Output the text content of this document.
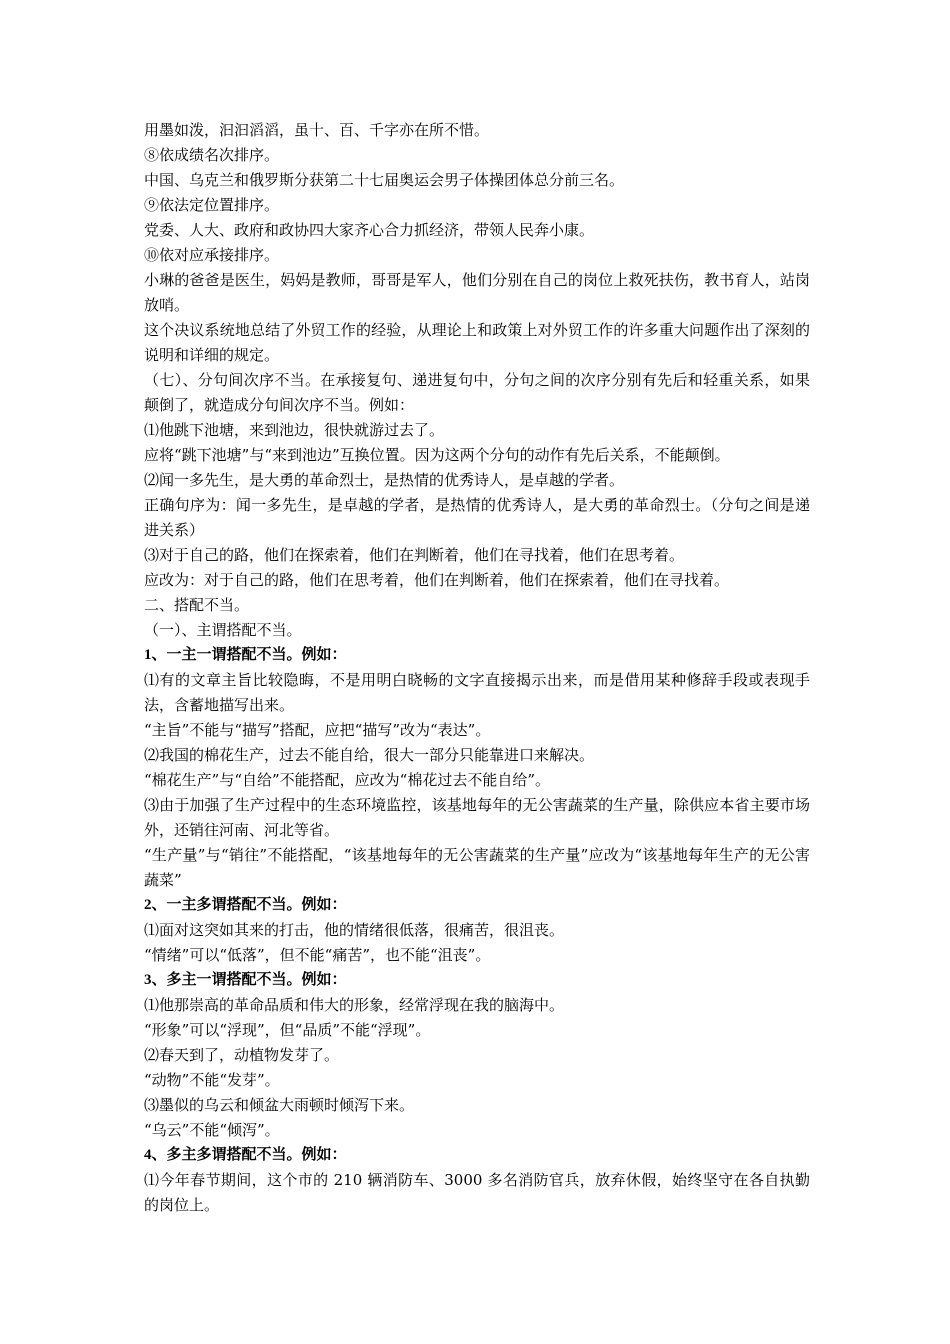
用墨如泼，汩汩滔滔，虽十、百、千字亦在所不惜。

⑧依成绩名次排序。

中国、乌克兰和俄罗斯分获第二十七届奥运会男子体操团体总分前三名。

⑨依法定位置排序。

党委、人大、政府和政协四大家齐心合力抓经济，带领人民奔小康。

⑩依对应承接排序。

小琳的爸爸是医生，妈妈是教师，哥哥是军人，他们分别在自己的岗位上救死扶伤，教书育人，站岗放哨。

这个决议系统地总结了外贸工作的经验，从理论上和政策上对外贸工作的许多重大问题作出了深刻的说明和详细的规定。

（七）、分句间次序不当。在承接复句、递进复句中，分句之间的次序分别有先后和轻重关系，如果颠倒了，就造成分句间次序不当。例如：

⑴他跳下池塘，来到池边，很快就游过去了。

应将“跳下池塘”与“来到池边”互换位置。因为这两个分句的动作有先后关系，不能颠倒。

⑵闻一多先生，是大勇的革命烈士，是热情的优秀诗人，是卓越的学者。

正确句序为：闻一多先生，是卓越的学者，是热情的优秀诗人，是大勇的革命烈士。（分句之间是递进关系）

⑶对于自己的路，他们在探索着，他们在判断着，他们在寻找着，他们在思考着。

应改为：对于自己的路，他们在思考着，他们在判断着，他们在探索着，他们在寻找着。

二、搭配不当。

（一）、主谓搭配不当。

1、一主一谓搭配不当。例如：

⑴有的文章主旨比较隐晦，不是用明白晓畅的文字直接揭示出来，而是借用某种修辞手段或表现手法，含蓄地描写出来。

“主旨”不能与“描写”搭配，应把“描写”改为“表达”。

⑵我国的棉花生产，过去不能自给，很大一部分只能靠进口来解决。

“棉花生产”与“自给”不能搭配，应改为“棉花过去不能自给”。

⑶由于加强了生产过程中的生态环境监控，该基地每年的无公害蔬菜的生产量，除供应本省主要市场外，还销往河南、河北等省。

“生产量”与“销往”不能搭配，“该基地每年的无公害蔬菜的生产量”应改为“该基地每年生产的无公害蔬菜”

2、一主多谓搭配不当。例如：

⑴面对这突如其来的打击，他的情绪很低落，很痛苦，很沮丧。

“情绪”可以“低落”，但不能“痛苦”，也不能“沮丧”。

3、多主一谓搭配不当。例如：

⑴他那崇高的革命品质和伟大的形象，经常浮现在我的脑海中。

“形象”可以“浮现”，但“品质”不能“浮现”。

⑵春天到了，动植物发芽了。

“动物”不能“发芽”。

⑶墨似的乌云和倾盆大雨顿时倾泻下来。

“乌云”不能“倾泻”。

4、多主多谓搭配不当。例如：

⑴今年春节期间，这个市的 210 辆消防车、3000 多名消防官兵，放弃休假，始终坚守在各自执勤的岗位上。
